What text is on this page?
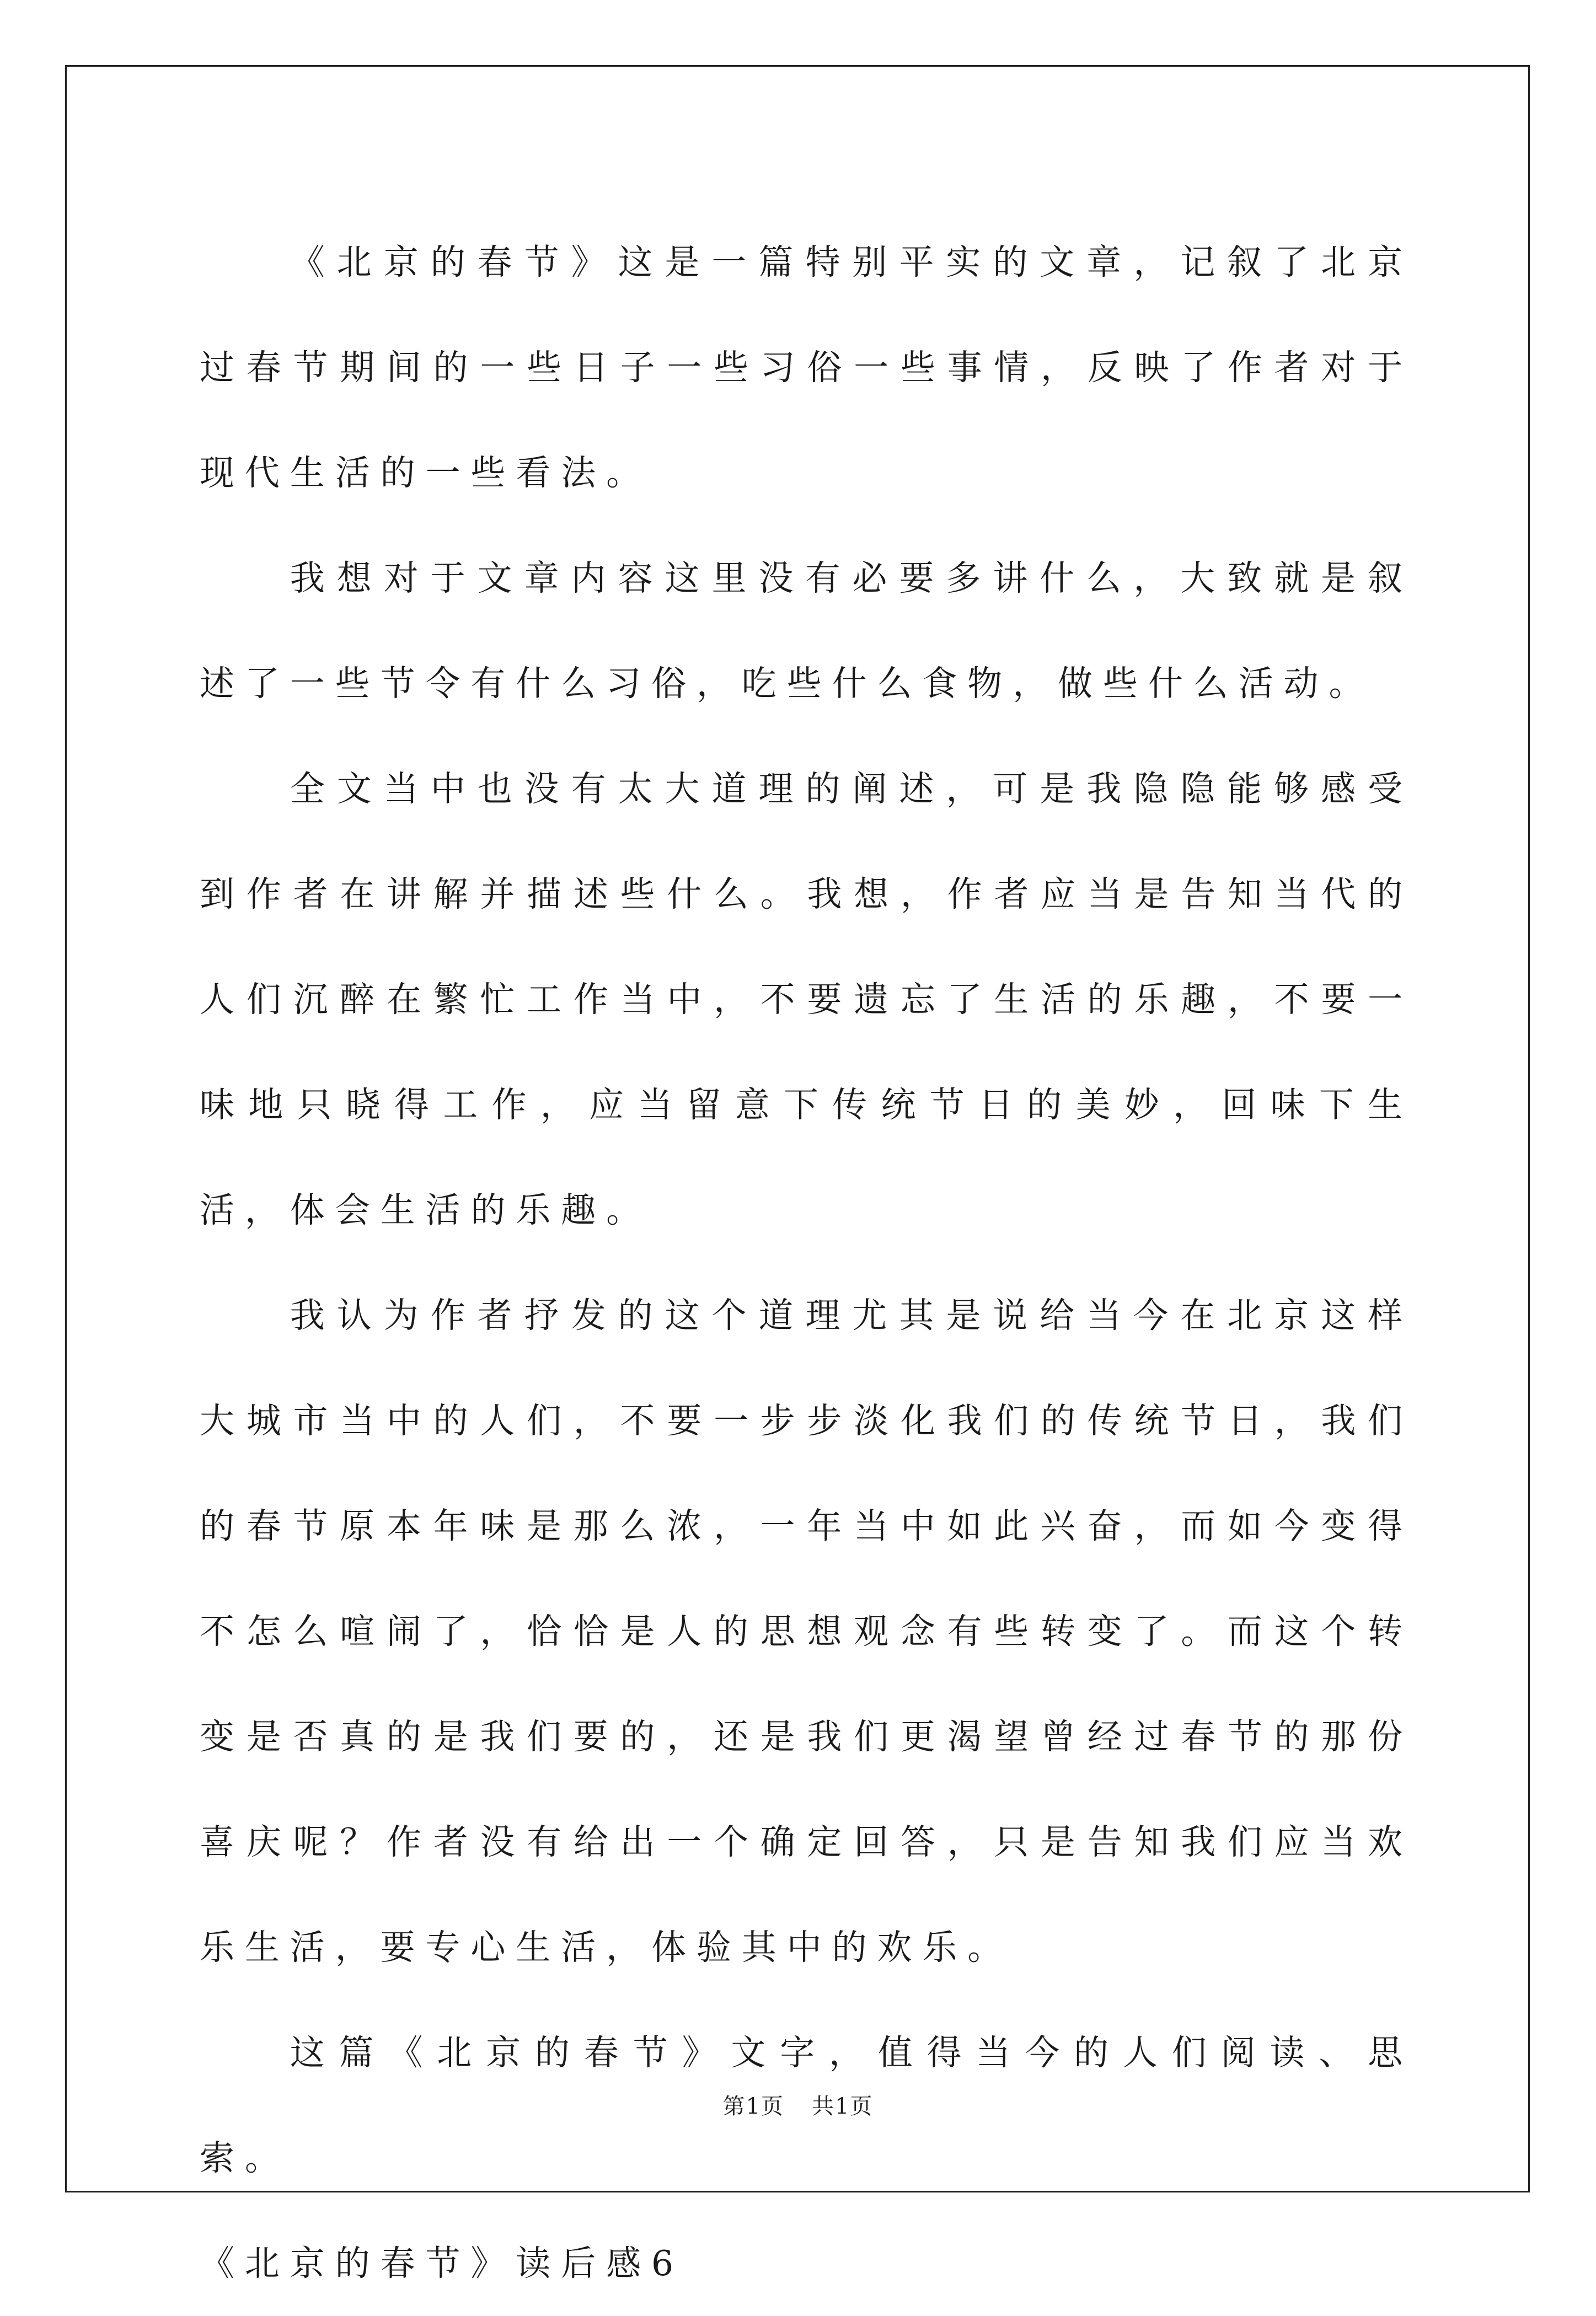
《北京的春节》这是一篇特别平实的文章，记叙了北京过春节期间的一些日子一些习俗一些事情，反映了作者对于现代生活的一些看法。

我想对于文章内容这里没有必要多讲什么，大致就是叙述了一些节令有什么习俗，吃些什么食物，做些什么活动。

全文当中也没有太大道理的阐述，可是我隐隐能够感受到作者在讲解并描述些什么。我想，作者应当是告知当代的人们沉醉在繁忙工作当中，不要遗忘了生活的乐趣，不要一味地只晓得工作，应当留意下传统节日的美妙，回味下生活，体会生活的乐趣。

我认为作者抒发的这个道理尤其是说给当今在北京这样大城市当中的人们，不要一步步淡化我们的传统节日，我们的春节原本年味是那么浓，一年当中如此兴奋，而如今变得不怎么喧闹了，恰恰是人的思想观念有些转变了。而这个转变是否真的是我们要的，还是我们更渴望曾经过春节的那份喜庆呢？作者没有给出一个确定回答，只是告知我们应当欢乐生活，要专心生活，体验其中的欢乐。

这篇《北京的春节》文字，值得当今的人们阅读、思索。

《北京的春节》读后感6

第1页 共1页
